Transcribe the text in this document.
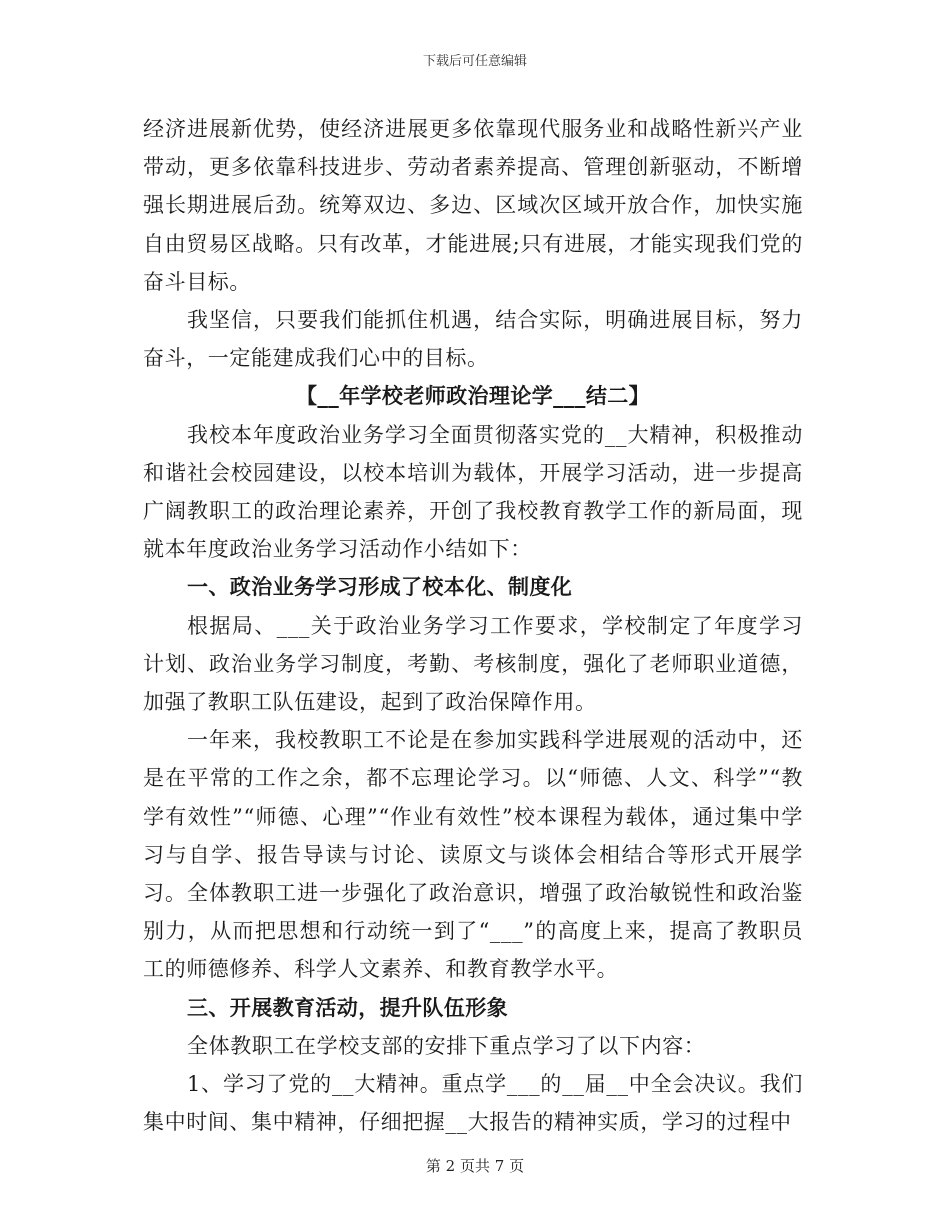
下载后可任意编辑

经济进展新优势，使经济进展更多依靠现代服务业和战略性新兴产业带动，更多依靠科技进步、劳动者素养提高、管理创新驱动，不断增强长期进展后劲。统筹双边、多边、区域次区域开放合作，加快实施自由贸易区战略。只有改革，才能进展;只有进展，才能实现我们党的奋斗目标。

我坚信，只要我们能抓住机遇，结合实际，明确进展目标，努力奋斗，一定能建成我们心中的目标。

【__年学校老师政治理论学___结二】

我校本年度政治业务学习全面贯彻落实党的__大精神，积极推动和谐社会校园建设，以校本培训为载体，开展学习活动，进一步提高广阔教职工的政治理论素养，开创了我校教育教学工作的新局面，现就本年度政治业务学习活动作小结如下：

一、政治业务学习形成了校本化、制度化

根据局、___关于政治业务学习工作要求，学校制定了年度学习计划、政治业务学习制度，考勤、考核制度，强化了老师职业道德，加强了教职工队伍建设，起到了政治保障作用。

一年来，我校教职工不论是在参加实践科学进展观的活动中，还是在平常的工作之余，都不忘理论学习。以“师德、人文、科学”“教学有效性”“师德、心理”“作业有效性”校本课程为载体，通过集中学习与自学、报告导读与讨论、读原文与谈体会相结合等形式开展学习。全体教职工进一步强化了政治意识，增强了政治敏锐性和政治鉴别力，从而把思想和行动统一到了“___”的高度上来，提高了教职员工的师德修养、科学人文素养、和教育教学水平。

三、开展教育活动，提升队伍形象

全体教职工在学校支部的安排下重点学习了以下内容：

1、学习了党的__大精神。重点学___的__届__中全会决议。我们集中时间、集中精神，仔细把握__大报告的精神实质，学习的过程中

第 2 页共 7 页
